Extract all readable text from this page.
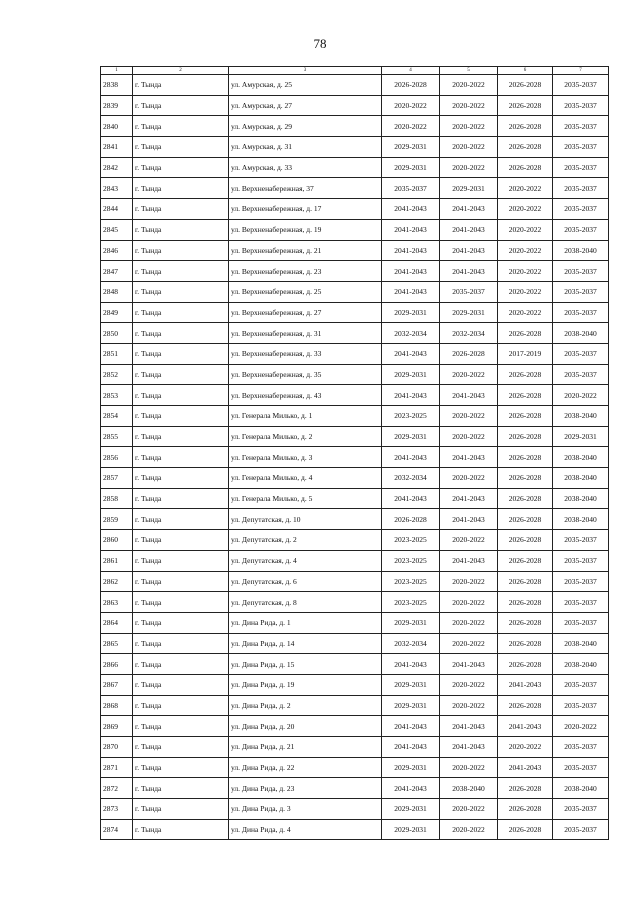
78
1	2	3	4	5	6	7
2838	г. Тында	ул. Амурская, д. 25	2026-2028	2020-2022	2026-2028	2035-2037
2839	г. Тында	ул. Амурская, д. 27	2020-2022	2020-2022	2026-2028	2035-2037
2840	г. Тында	ул. Амурская, д. 29	2020-2022	2020-2022	2026-2028	2035-2037
2841	г. Тында	ул. Амурская, д. 31	2029-2031	2020-2022	2026-2028	2035-2037
2842	г. Тында	ул. Амурская, д. 33	2029-2031	2020-2022	2026-2028	2035-2037
2843	г. Тында	ул. Верхненабережная, 37	2035-2037	2029-2031	2020-2022	2035-2037
2844	г. Тында	ул. Верхненабережная, д. 17	2041-2043	2041-2043	2020-2022	2035-2037
2845	г. Тында	ул. Верхненабережная, д. 19	2041-2043	2041-2043	2020-2022	2035-2037
2846	г. Тында	ул. Верхненабережная, д. 21	2041-2043	2041-2043	2020-2022	2038-2040
2847	г. Тында	ул. Верхненабережная, д. 23	2041-2043	2041-2043	2020-2022	2035-2037
2848	г. Тында	ул. Верхненабережная, д. 25	2041-2043	2035-2037	2020-2022	2035-2037
2849	г. Тында	ул. Верхненабережная, д. 27	2029-2031	2029-2031	2020-2022	2035-2037
2850	г. Тында	ул. Верхненабережная, д. 31	2032-2034	2032-2034	2026-2028	2038-2040
2851	г. Тында	ул. Верхненабережная, д. 33	2041-2043	2026-2028	2017-2019	2035-2037
2852	г. Тында	ул. Верхненабережная, д. 35	2029-2031	2020-2022	2026-2028	2035-2037
2853	г. Тында	ул. Верхненабережная, д. 43	2041-2043	2041-2043	2026-2028	2020-2022
2854	г. Тында	ул. Генерала Милько, д. 1	2023-2025	2020-2022	2026-2028	2038-2040
2855	г. Тында	ул. Генерала Милько, д. 2	2029-2031	2020-2022	2026-2028	2029-2031
2856	г. Тында	ул. Генерала Милько, д. 3	2041-2043	2041-2043	2026-2028	2038-2040
2857	г. Тында	ул. Генерала Милько, д. 4	2032-2034	2020-2022	2026-2028	2038-2040
2858	г. Тында	ул. Генерала Милько, д. 5	2041-2043	2041-2043	2026-2028	2038-2040
2859	г. Тында	ул. Депутатская, д. 10	2026-2028	2041-2043	2026-2028	2038-2040
2860	г. Тында	ул. Депутатская, д. 2	2023-2025	2020-2022	2026-2028	2035-2037
2861	г. Тында	ул. Депутатская, д. 4	2023-2025	2041-2043	2026-2028	2035-2037
2862	г. Тында	ул. Депутатская, д. 6	2023-2025	2020-2022	2026-2028	2035-2037
2863	г. Тында	ул. Депутатская, д. 8	2023-2025	2020-2022	2026-2028	2035-2037
2864	г. Тында	ул. Дина Рида, д. 1	2029-2031	2020-2022	2026-2028	2035-2037
2865	г. Тында	ул. Дина Рида, д. 14	2032-2034	2020-2022	2026-2028	2038-2040
2866	г. Тында	ул. Дина Рида, д. 15	2041-2043	2041-2043	2026-2028	2038-2040
2867	г. Тында	ул. Дина Рида, д. 19	2029-2031	2020-2022	2041-2043	2035-2037
2868	г. Тында	ул. Дина Рида, д. 2	2029-2031	2020-2022	2026-2028	2035-2037
2869	г. Тында	ул. Дина Рида, д. 20	2041-2043	2041-2043	2041-2043	2020-2022
2870	г. Тында	ул. Дина Рида, д. 21	2041-2043	2041-2043	2020-2022	2035-2037
2871	г. Тында	ул. Дина Рида, д. 22	2029-2031	2020-2022	2041-2043	2035-2037
2872	г. Тында	ул. Дина Рида, д. 23	2041-2043	2038-2040	2026-2028	2038-2040
2873	г. Тында	ул. Дина Рида, д. 3	2029-2031	2020-2022	2026-2028	2035-2037
2874	г. Тында	ул. Дина Рида, д. 4	2029-2031	2020-2022	2026-2028	2035-2037
